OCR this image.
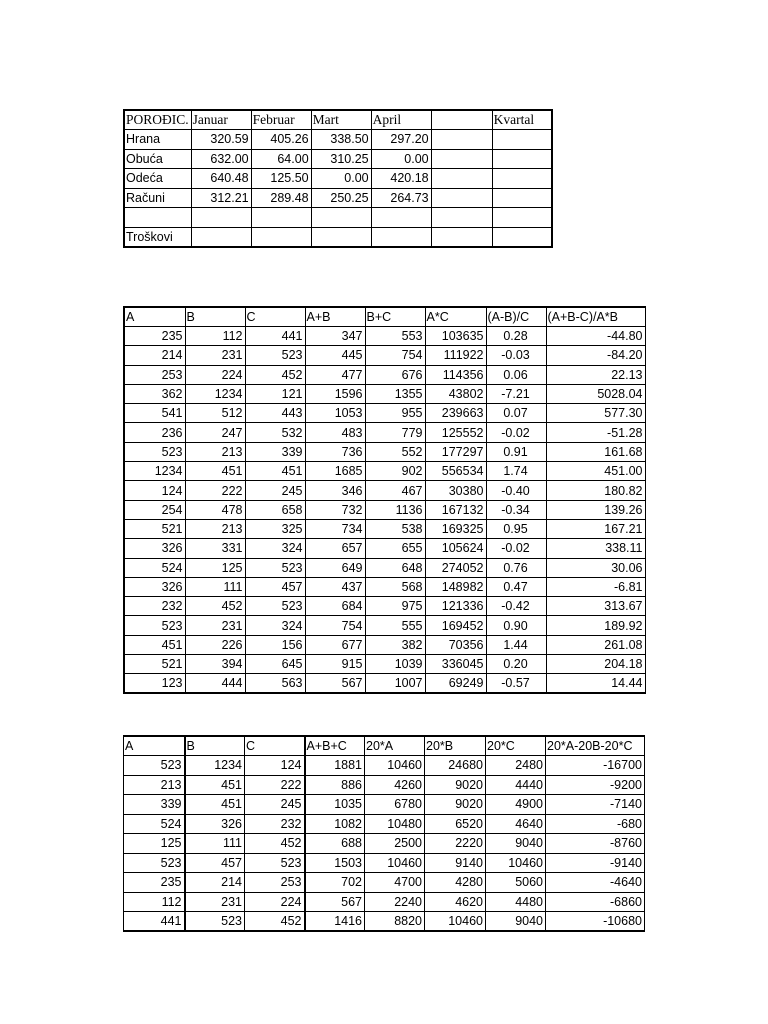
POROĐIC.	Januar	Februar	Mart	April		Kvartal
Hrana	320.59	405.26	338.50	297.20		
Obuća	632.00	64.00	310.25	0.00		
Odeća	640.48	125.50	0.00	420.18		
Računi	312.21	289.48	250.25	264.73		

Troškovi						
A	B	C	A+B	B+C	A*C	(A-B)/C	(A+B-C)/A*B
235	112	441	347	553	103635	0.28	-44.80
214	231	523	445	754	111922	-0.03	-84.20
253	224	452	477	676	114356	0.06	22.13
362	1234	121	1596	1355	43802	-7.21	5028.04
541	512	443	1053	955	239663	0.07	577.30
236	247	532	483	779	125552	-0.02	-51.28
523	213	339	736	552	177297	0.91	161.68
1234	451	451	1685	902	556534	1.74	451.00
124	222	245	346	467	30380	-0.40	180.82
254	478	658	732	1136	167132	-0.34	139.26
521	213	325	734	538	169325	0.95	167.21
326	331	324	657	655	105624	-0.02	338.11
524	125	523	649	648	274052	0.76	30.06
326	111	457	437	568	148982	0.47	-6.81
232	452	523	684	975	121336	-0.42	313.67
523	231	324	754	555	169452	0.90	189.92
451	226	156	677	382	70356	1.44	261.08
521	394	645	915	1039	336045	0.20	204.18
123	444	563	567	1007	69249	-0.57	14.44
A	B	C	A+B+C	20*A	20*B	20*C	20*A-20B-20*C
523	1234	124	1881	10460	24680	2480	-16700
213	451	222	886	4260	9020	4440	-9200
339	451	245	1035	6780	9020	4900	-7140
524	326	232	1082	10480	6520	4640	-680
125	111	452	688	2500	2220	9040	-8760
523	457	523	1503	10460	9140	10460	-9140
235	214	253	702	4700	4280	5060	-4640
112	231	224	567	2240	4620	4480	-6860
441	523	452	1416	8820	10460	9040	-10680
